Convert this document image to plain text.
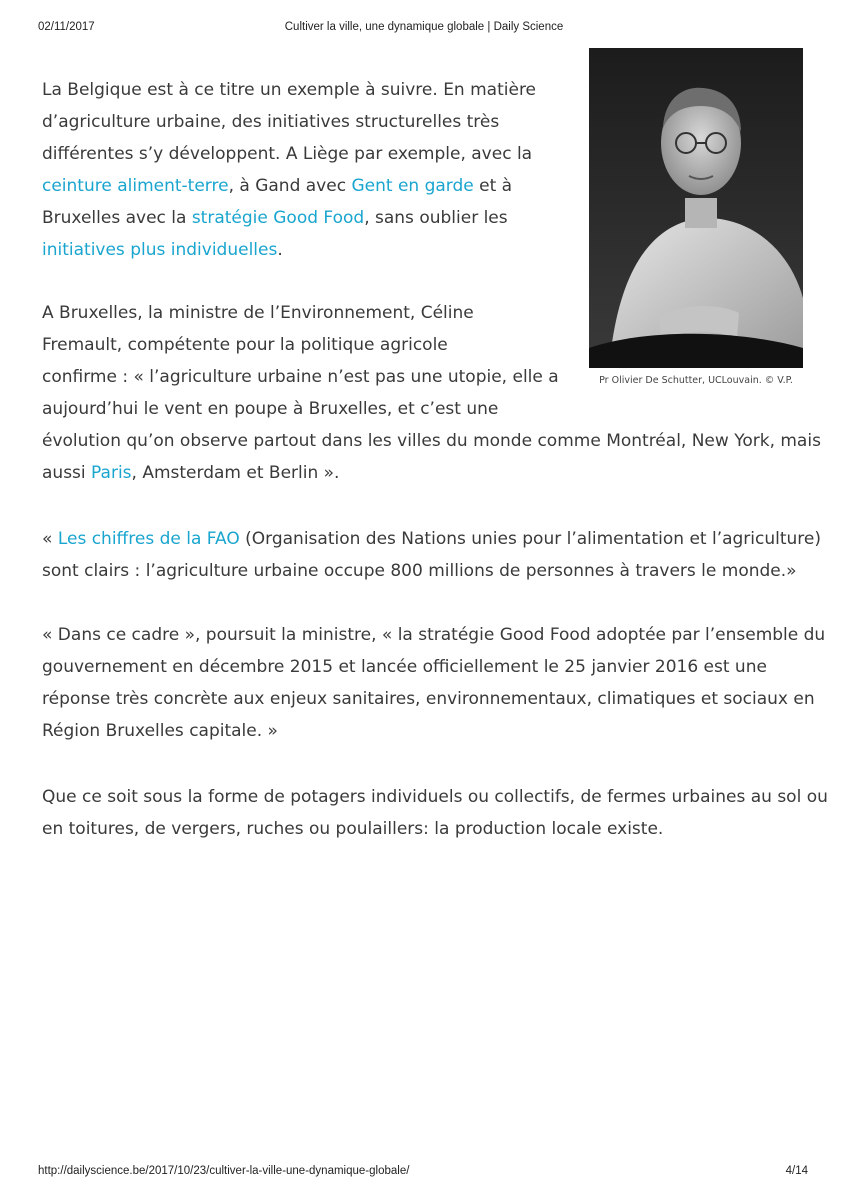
02/11/2017	Cultiver la ville, une dynamique globale | Daily Science
Pr Olivier De Schutter, UCLouvain. © V.P.
La Belgique est à ce titre un exemple à suivre. En matière
d’agriculture urbaine, des initiatives structurelles très
différentes s’y développent. A Liège par exemple, avec la
ceinture aliment-terre, à Gand avec Gent en garde et à
Bruxelles avec la stratégie Good Food, sans oublier les
initiatives plus individuelles.
A Bruxelles, la ministre de l’Environnement, Céline
Fremault, compétente pour la politique agricole
confirme : « l’agriculture urbaine n’est pas une utopie, elle a
aujourd’hui le vent en poupe à Bruxelles, et c’est une
évolution qu’on observe partout dans les villes du monde comme Montréal, New York, mais
aussi Paris, Amsterdam et Berlin ».
« Les chiffres de la FAO (Organisation des Nations unies pour l’alimentation et l’agriculture)
sont clairs : l’agriculture urbaine occupe 800 millions de personnes à travers le monde.»
« Dans ce cadre », poursuit la ministre, « la stratégie Good Food adoptée par l’ensemble du
gouvernement en décembre 2015 et lancée officiellement le 25 janvier 2016 est une
réponse très concrète aux enjeux sanitaires, environnementaux, climatiques et sociaux en
Région Bruxelles capitale. »
Que ce soit sous la forme de potagers individuels ou collectifs, de fermes urbaines au sol ou
en toitures, de vergers, ruches ou poulaillers: la production locale existe.
http://dailyscience.be/2017/10/23/cultiver-la-ville-une-dynamique-globale/	4/14
